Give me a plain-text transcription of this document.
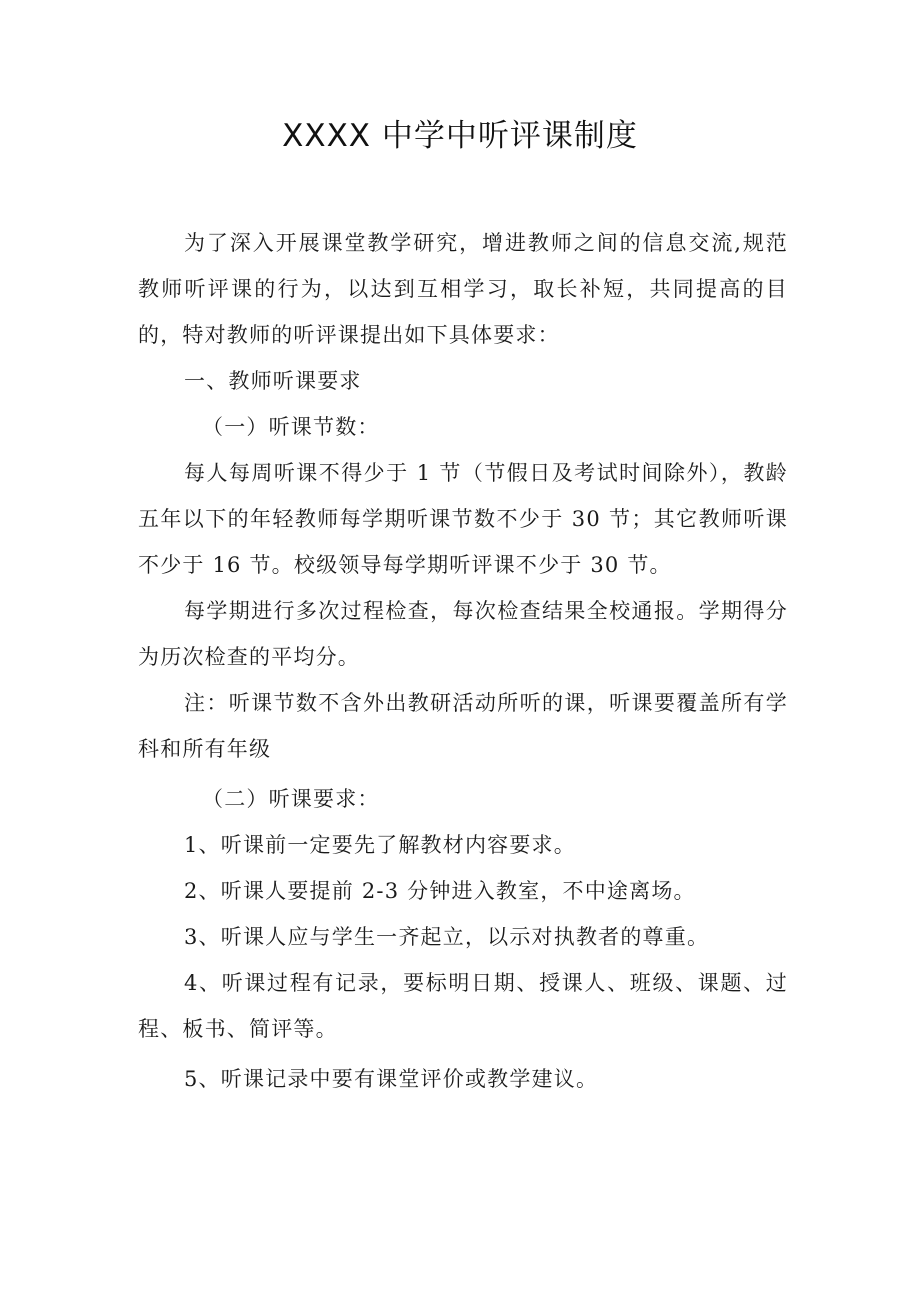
XXXX 中学中听评课制度

为了深入开展课堂教学研究，增进教师之间的信息交流,规范教师听评课的行为，以达到互相学习，取长补短，共同提高的目的，特对教师的听评课提出如下具体要求：

一、教师听课要求

（一）听课节数：

每人每周听课不得少于 1 节（节假日及考试时间除外），教龄五年以下的年轻教师每学期听课节数不少于 30 节；其它教师听课不少于 16 节。校级领导每学期听评课不少于 30 节。

每学期进行多次过程检查，每次检查结果全校通报。学期得分为历次检查的平均分。

注：听课节数不含外出教研活动所听的课，听课要覆盖所有学科和所有年级

（二）听课要求：

1、听课前一定要先了解教材内容要求。

2、听课人要提前 2-3 分钟进入教室，不中途离场。

3、听课人应与学生一齐起立，以示对执教者的尊重。

4、听课过程有记录，要标明日期、授课人、班级、课题、过程、板书、简评等。

5、听课记录中要有课堂评价或教学建议。
